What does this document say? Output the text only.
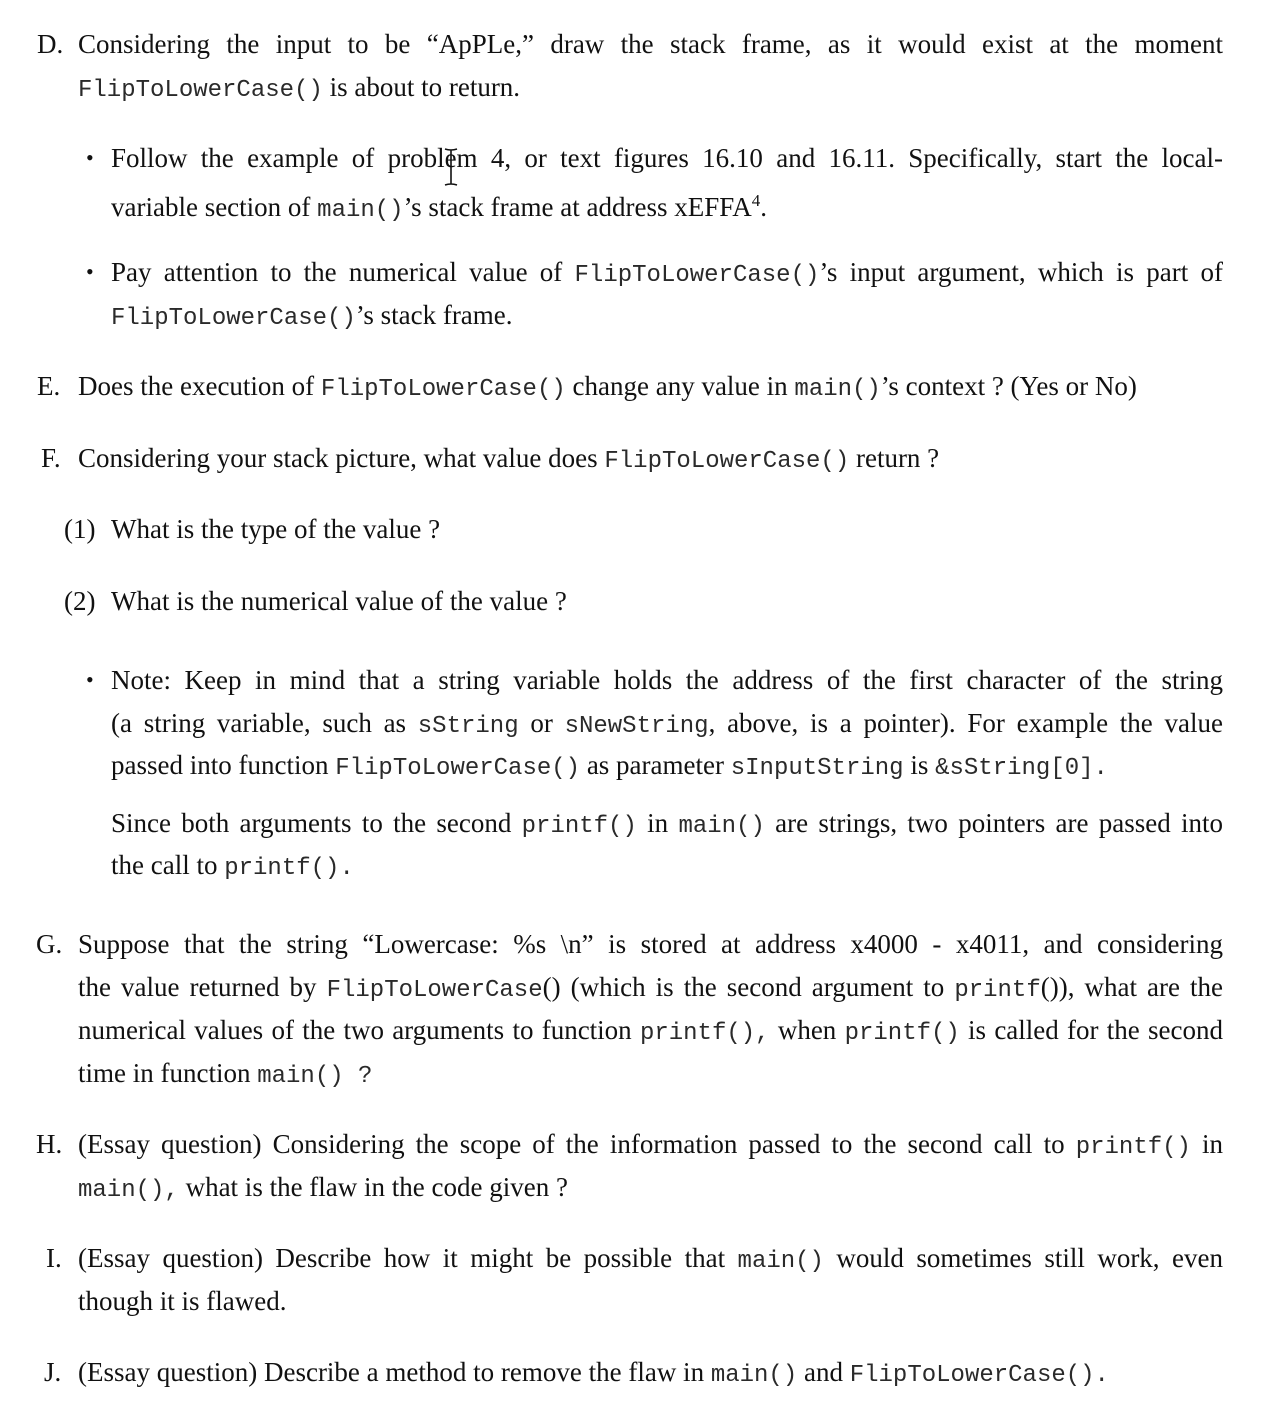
D. Considering the input to be “ApPLe,” draw the stack frame, as it would exist at the moment
FlipToLowerCase() is about to return.
• Follow the example of problem 4, or text figures 16.10 and 16.11. Specifically, start the local-
variable section of main()’s stack frame at address xEFFA$^4$.
• Pay attention to the numerical value of FlipToLowerCase()’s input argument, which is part of
FlipToLowerCase()’s stack frame.
E. Does the execution of FlipToLowerCase() change any value in main()’s context ? (Yes or No)
F. Considering your stack picture, what value does FlipToLowerCase() return ?
(1) What is the type of the value ?
(2) What is the numerical value of the value ?
• Note: Keep in mind that a string variable holds the address of the first character of the string
(a string variable, such as sString or sNewString, above, is a pointer). For example the value
passed into function FlipToLowerCase() as parameter sInputString is &sString[0].
Since both arguments to the second printf() in main() are strings, two pointers are passed into
the call to printf().
G. Suppose that the string “Lowercase: %s \n” is stored at address x4000 - x4011, and considering
the value returned by FlipToLowerCase() (which is the second argument to printf()), what are the
numerical values of the two arguments to function printf(), when printf() is called for the second
time in function main() ?
H. (Essay question) Considering the scope of the information passed to the second call to printf() in
main(), what is the flaw in the code given ?
I. (Essay question) Describe how it might be possible that main() would sometimes still work, even
though it is flawed.
J. (Essay question) Describe a method to remove the flaw in main() and FlipToLowerCase().
